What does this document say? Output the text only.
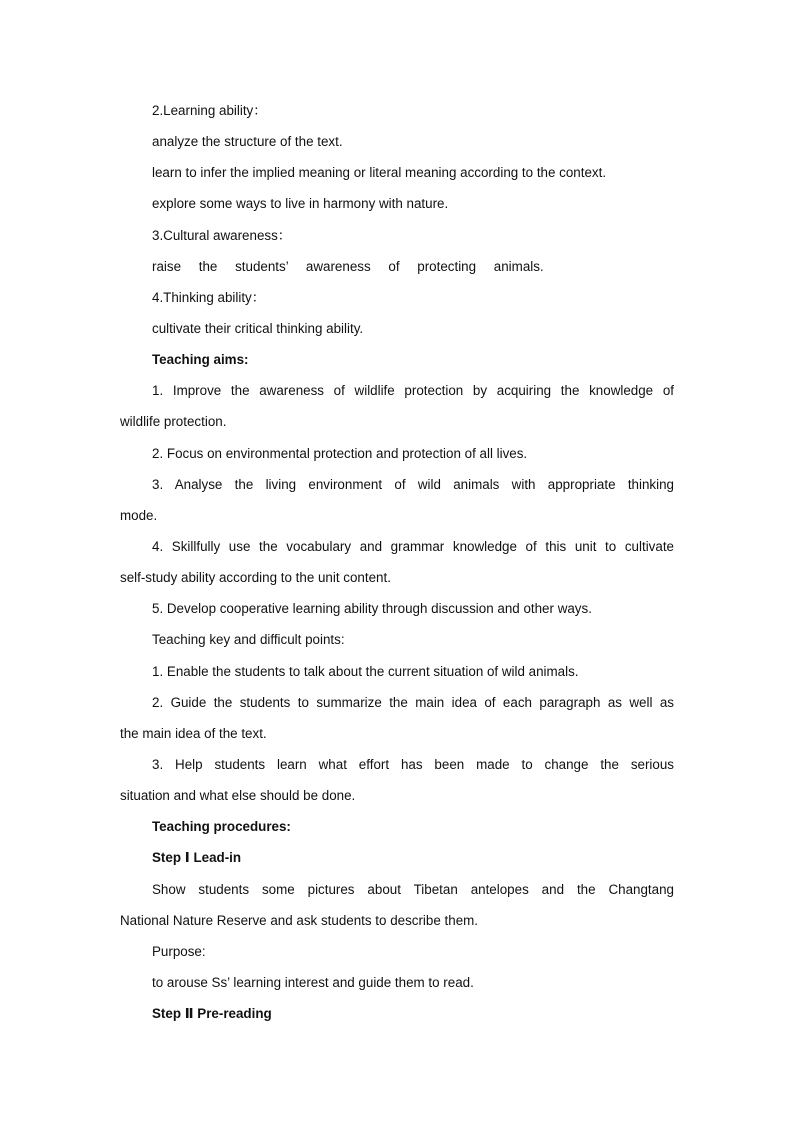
2.Learning ability：
analyze the structure of the text.
learn to infer the implied meaning or literal meaning according to the context.
explore some ways to live in harmony with nature.
3.Cultural awareness：
raise the students’ awareness of protecting animals.
4.Thinking ability：
cultivate their critical thinking ability.
Teaching aims:
1. Improve the awareness of wildlife protection by acquiring the knowledge of
wildlife protection.
2. Focus on environmental protection and protection of all lives.
3. Analyse the living environment of wild animals with appropriate thinking
mode.
4. Skillfully use the vocabulary and grammar knowledge of this unit to cultivate
self-study ability according to the unit content.
5. Develop cooperative learning ability through discussion and other ways.
Teaching key and difficult points:
1. Enable the students to talk about the current situation of wild animals.
2. Guide the students to summarize the main idea of each paragraph as well as
the main idea of the text.
3. Help students learn what effort has been made to change the serious
situation and what else should be done.
Teaching procedures:
Step Ⅰ Lead-in
Show students some pictures about Tibetan antelopes and the Changtang
National Nature Reserve and ask students to describe them.
Purpose:
to arouse Ss’ learning interest and guide them to read.
Step Ⅱ Pre-reading
